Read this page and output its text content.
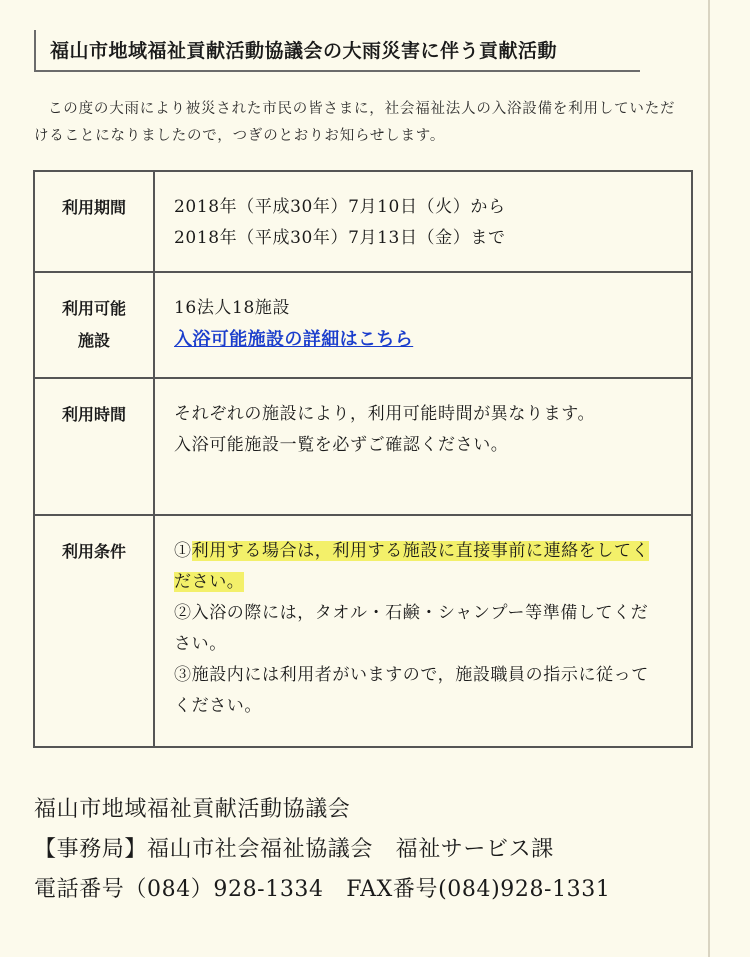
福山市地域福祉貢献活動協議会の大雨災害に伴う貢献活動

この度の大雨により被災された市民の皆さまに，社会福祉法人の入浴設備を利用していただけることになりましたので，つぎのとおりお知らせします。

利用期間	2018年（平成30年）7月10日（火）から
2018年（平成30年）7月13日（金）まで

利用可能
施設	16法人18施設
入浴可能施設の詳細はこちら
利用時間	それぞれの施設により，利用可能時間が異なります。
入浴可能施設一覧を必ずご確認ください。

利用条件	①利用する場合は，利用する施設に直接事前に連絡をしてください。
②入浴の際には，タオル・石鹸・シャンプー等準備してください。
③施設内には利用者がいますので，施設職員の指示に従ってください。
福山市地域福祉貢献活動協議会
【事務局】福山市社会福祉協議会　福祉サービス課
電話番号（084）928-1334　FAX番号(084)928-1331
